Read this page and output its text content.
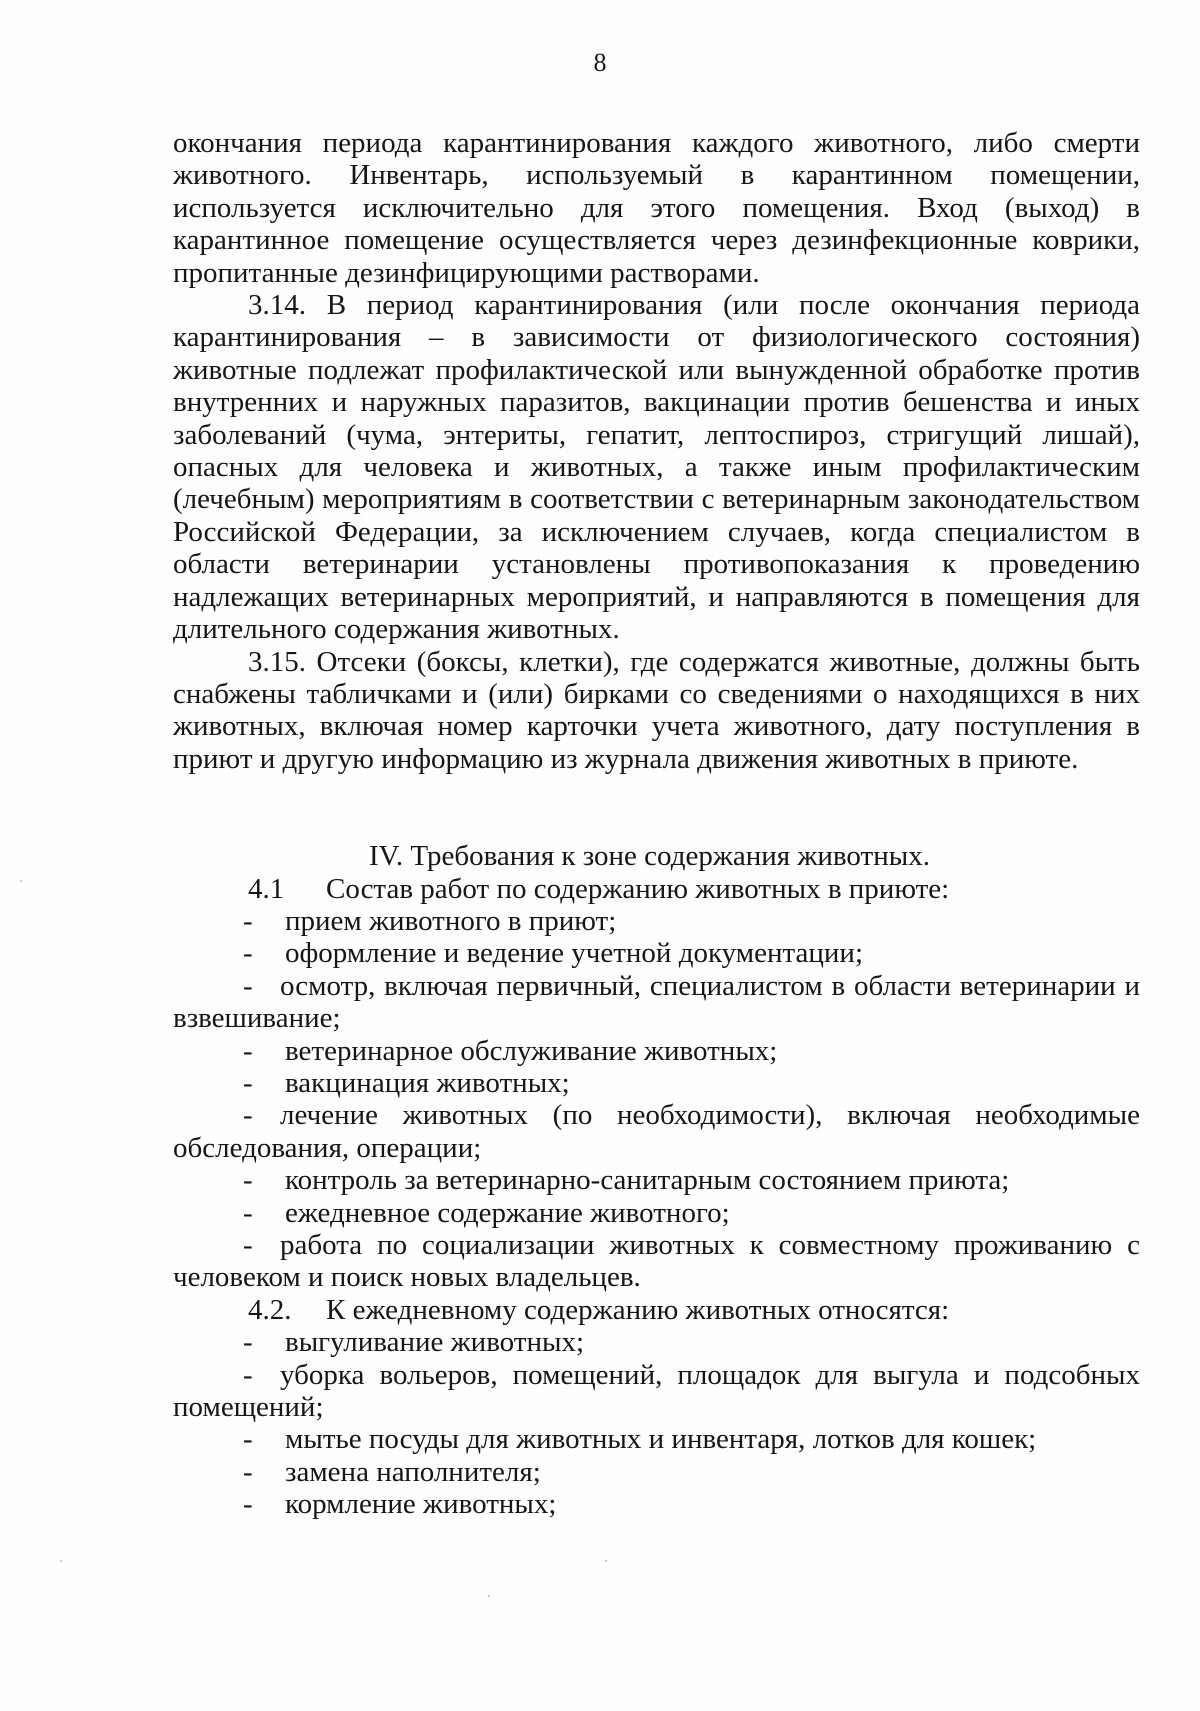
8

окончания периода карантинирования каждого животного, либо смерти животного. Инвентарь, используемый в карантинном помещении, используется исключительно для этого помещения. Вход (выход) в карантинное помещение осуществляется через дезинфекционные коврики, пропитанные дезинфицирующими растворами.

3.14. В период карантинирования (или после окончания периода карантинирования – в зависимости от физиологического состояния) животные подлежат профилактической или вынужденной обработке против внутренних и наружных паразитов, вакцинации против бешенства и иных заболеваний (чума, энтериты, гепатит, лептоспироз, стригущий лишай), опасных для человека и животных, а также иным профилактическим (лечебным) мероприятиям в соответствии с ветеринарным законодательством Российской Федерации, за исключением случаев, когда специалистом в области ветеринарии установлены противопоказания к проведению надлежащих ветеринарных мероприятий, и направляются в помещения для длительного содержания животных.

3.15. Отсеки (боксы, клетки), где содержатся животные, должны быть снабжены табличками и (или) бирками со сведениями о находящихся в них животных, включая номер карточки учета животного, дату поступления в приют и другую информацию из журнала движения животных в приюте.

IV. Требования к зоне содержания животных.

4.1 Состав работ по содержанию животных в приюте:

- прием животного в приют;

- оформление и ведение учетной документации;

- осмотр, включая первичный, специалистом в области ветеринарии и взвешивание;

- ветеринарное обслуживание животных;

- вакцинация животных;

- лечение животных (по необходимости), включая необходимые обследования, операции;

- контроль за ветеринарно-санитарным состоянием приюта;

- ежедневное содержание животного;

- работа по социализации животных к совместному проживанию с человеком и поиск новых владельцев.

4.2. К ежедневному содержанию животных относятся:

- выгуливание животных;

- уборка вольеров, помещений, площадок для выгула и подсобных помещений;

- мытье посуды для животных и инвентаря, лотков для кошек;

- замена наполнителя;

- кормление животных;
